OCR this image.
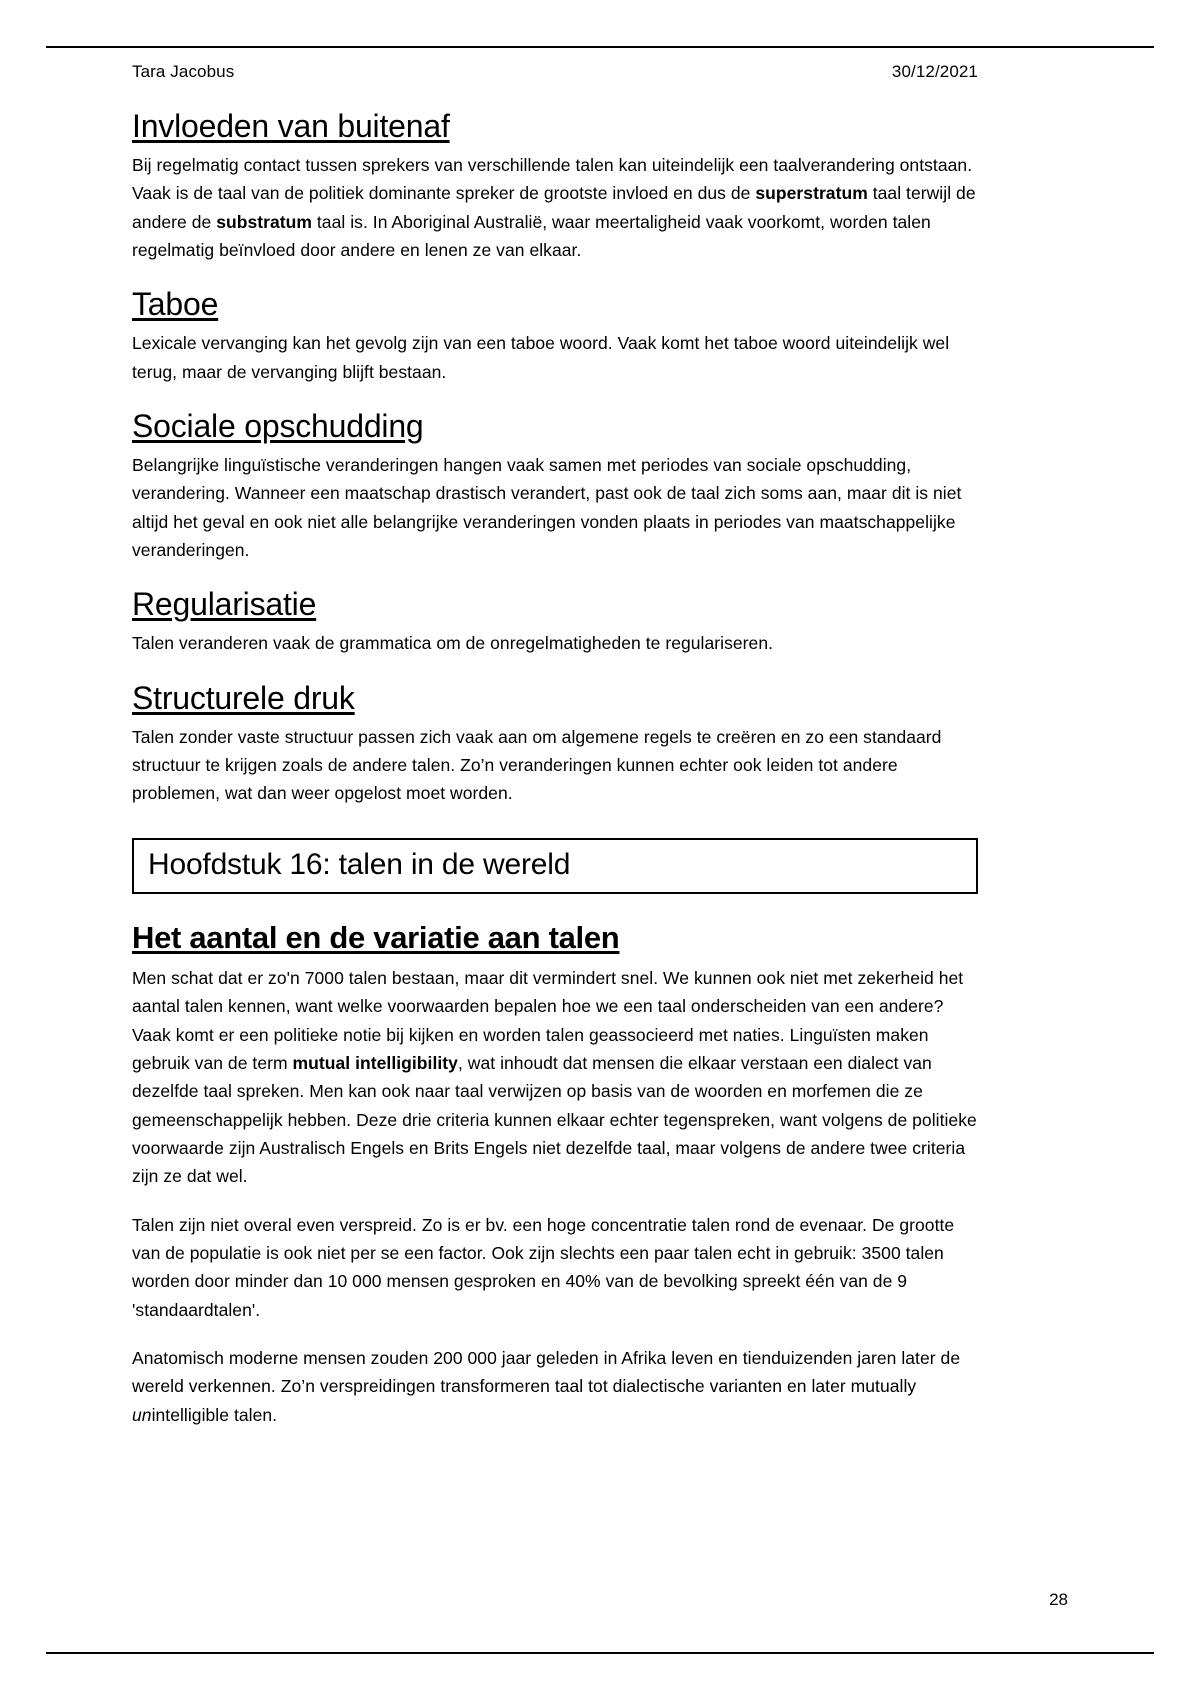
Tara Jacobus	30/12/2021
Invloeden van buitenaf

Bij regelmatig contact tussen sprekers van verschillende talen kan uiteindelijk een taalverandering ontstaan. Vaak is de taal van de politiek dominante spreker de grootste invloed en dus de superstratum taal terwijl de andere de substratum taal is. In Aboriginal Australië, waar meertaligheid vaak voorkomt, worden talen regelmatig beïnvloed door andere en lenen ze van elkaar.

Taboe

Lexicale vervanging kan het gevolg zijn van een taboe woord. Vaak komt het taboe woord uiteindelijk wel terug, maar de vervanging blijft bestaan.

Sociale opschudding

Belangrijke linguïstische veranderingen hangen vaak samen met periodes van sociale opschudding, verandering. Wanneer een maatschap drastisch verandert, past ook de taal zich soms aan, maar dit is niet altijd het geval en ook niet alle belangrijke veranderingen vonden plaats in periodes van maatschappelijke veranderingen.

Regularisatie

Talen veranderen vaak de grammatica om de onregelmatigheden te regulariseren.

Structurele druk

Talen zonder vaste structuur passen zich vaak aan om algemene regels te creëren en zo een standaard structuur te krijgen zoals de andere talen. Zo’n veranderingen kunnen echter ook leiden tot andere problemen, wat dan weer opgelost moet worden.

Hoofdstuk 16: talen in de wereld
Het aantal en de variatie aan talen

Men schat dat er zo'n 7000 talen bestaan, maar dit vermindert snel. We kunnen ook niet met zekerheid het aantal talen kennen, want welke voorwaarden bepalen hoe we een taal onderscheiden van een andere? Vaak komt er een politieke notie bij kijken en worden talen geassocieerd met naties. Linguïsten maken gebruik van de term mutual intelligibility, wat inhoudt dat mensen die elkaar verstaan een dialect van dezelfde taal spreken. Men kan ook naar taal verwijzen op basis van de woorden en morfemen die ze gemeenschappelijk hebben. Deze drie criteria kunnen elkaar echter tegenspreken, want volgens de politieke voorwaarde zijn Australisch Engels en Brits Engels niet dezelfde taal, maar volgens de andere twee criteria zijn ze dat wel.

Talen zijn niet overal even verspreid. Zo is er bv. een hoge concentratie talen rond de evenaar. De grootte van de populatie is ook niet per se een factor. Ook zijn slechts een paar talen echt in gebruik: 3500 talen worden door minder dan 10 000 mensen gesproken en 40% van de bevolking spreekt één van de 9 'standaardtalen'.

Anatomisch moderne mensen zouden 200 000 jaar geleden in Afrika leven en tienduizenden jaren later de wereld verkennen. Zo’n verspreidingen transformeren taal tot dialectische varianten en later mutually unintelligible talen.

28
